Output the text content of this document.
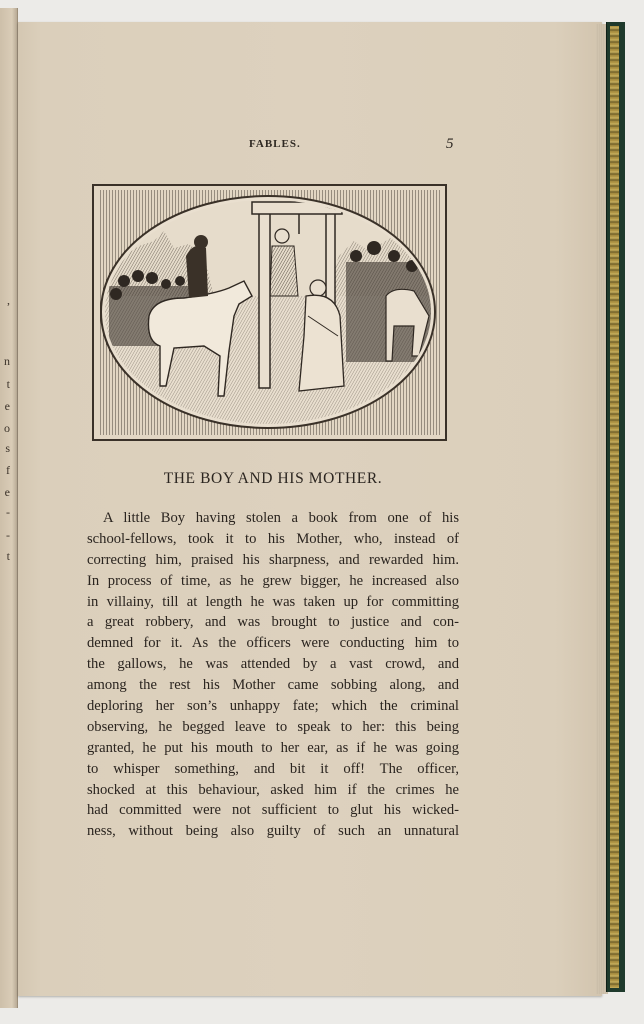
,
n
t
e
o
s
f
e
-
-
t
FABLES.	5
THE BOY AND HIS MOTHER.
A little Boy having stolen a book from one of his
school-fellows, took it to his Mother, who, instead of
correcting him, praised his sharpness, and rewarded him.
In process of time, as he grew bigger, he increased also
in villainy, till at length he was taken up for committing
a great robbery, and was brought to justice and con-
demned for it. As the officers were conducting him to
the gallows, he was attended by a vast crowd, and
among the rest his Mother came sobbing along, and
deploring her son’s unhappy fate; which the criminal
observing, he begged leave to speak to her: this being
granted, he put his mouth to her ear, as if he was going
to whisper something, and bit it off! The officer,
shocked at this behaviour, asked him if the crimes he
had committed were not sufficient to glut his wicked-
ness, without being also guilty of such an unnatural
